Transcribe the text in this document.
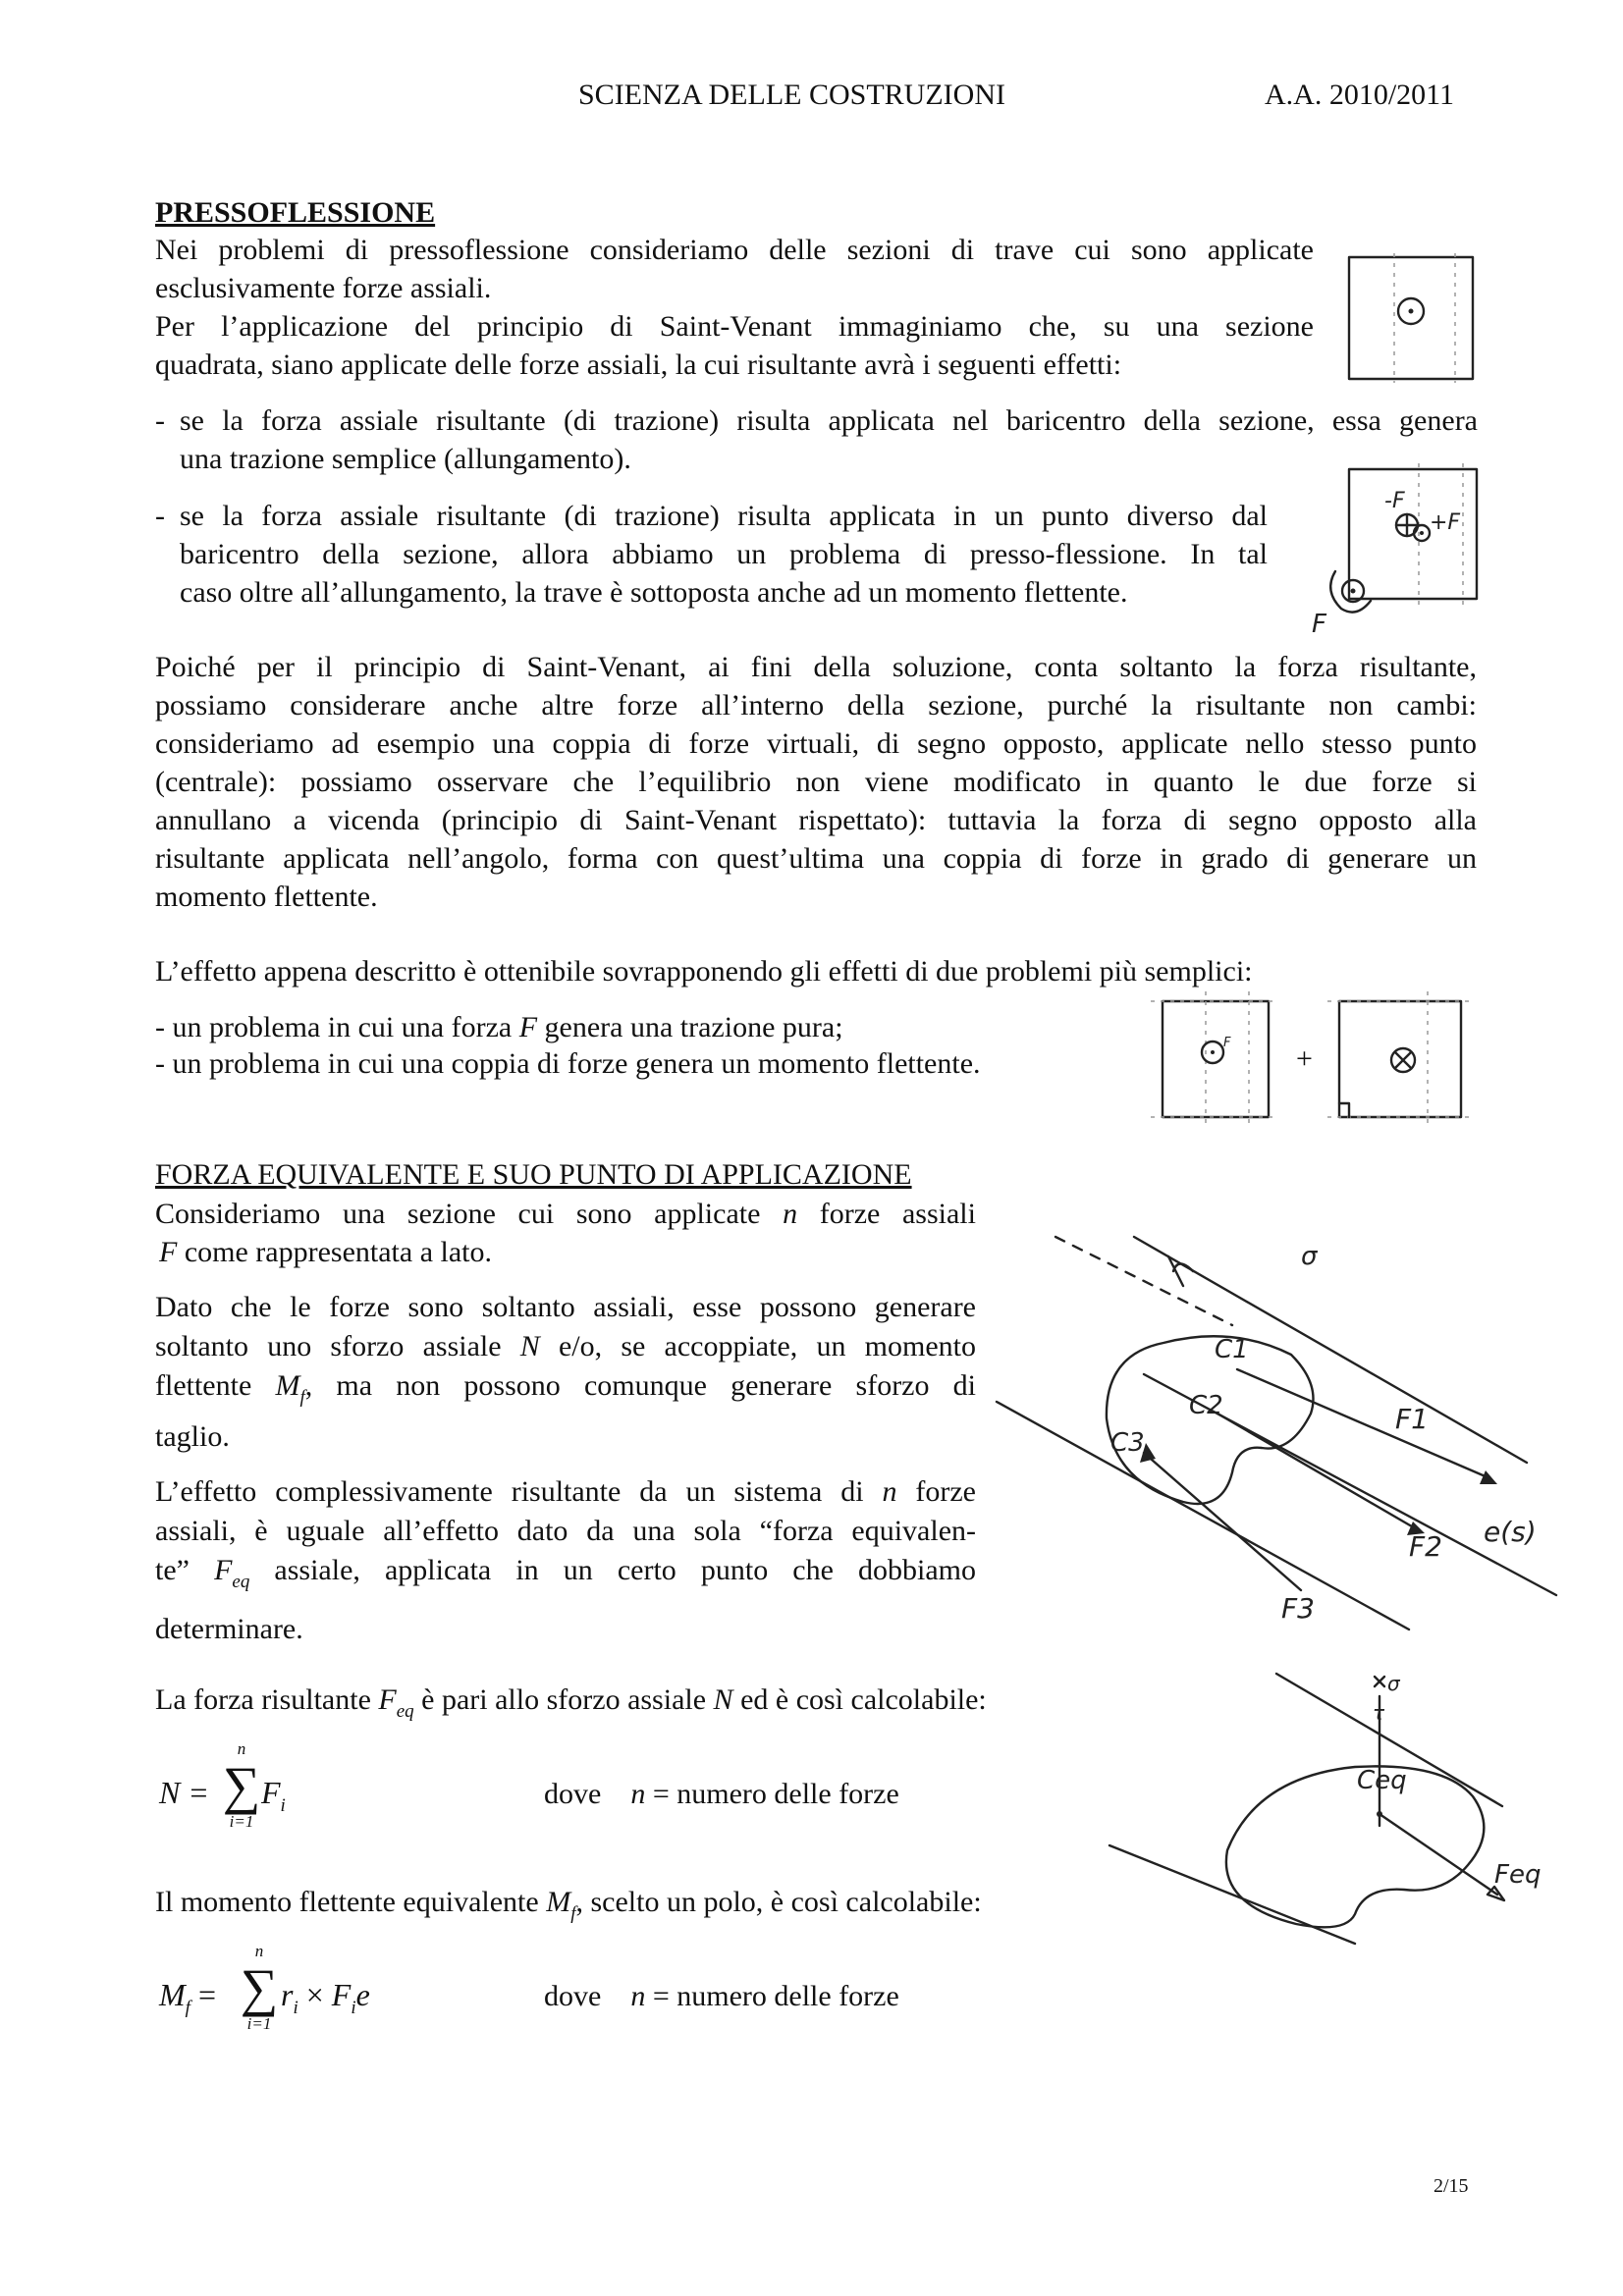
SCIENZA DELLE COSTRUZIONI	A.A. 2010/2011
PRESSOFLESSIONE
Nei problemi di pressoflessione consideriamo delle sezioni di trave cui sono applicate
esclusivamente forze assiali.
Per l’applicazione del principio di Saint-Venant immaginiamo che, su una sezione
quadrata, siano applicate delle forze assiali, la cui risultante avrà i seguenti effetti:
- se la forza assiale risultante (di trazione) risulta applicata nel baricentro della sezione, essa genera
una trazione semplice (allungamento).
- se la forza assiale risultante (di trazione) risulta applicata in un punto diverso dal
baricentro della sezione, allora abbiamo un problema di presso-flessione. In tal
caso oltre all’allungamento, la trave è sottoposta anche ad un momento flettente.
-F
+F
F
Poiché per il principio di Saint-Venant, ai fini della soluzione, conta soltanto la forza risultante,
possiamo considerare anche altre forze all’interno della sezione, purché la risultante non cambi:
consideriamo ad esempio una coppia di forze virtuali, di segno opposto, applicate nello stesso punto
(centrale): possiamo osservare che l’equilibrio non viene modificato in quanto le due forze si
annullano a vicenda (principio di Saint-Venant rispettato): tuttavia la forza di segno opposto alla
risultante applicata nell’angolo, forma con quest’ultima una coppia di forze in grado di generare un
momento flettente.
L’effetto appena descritto è ottenibile sovrapponendo gli effetti di due problemi più semplici:
- un problema in cui una forza F genera una trazione pura;
- un problema in cui una coppia di forze genera un momento flettente.
F +
FORZA EQUIVALENTE E SUO PUNTO DI APPLICAZIONE
Consideriamo una sezione cui sono applicate n forze assiali
F come rappresentata a lato.
Dato che le forze sono soltanto assiali, esse possono generare
soltanto uno sforzo assiale N e/o, se accoppiate, un momento
flettente $M_f$, ma non possono comunque generare sforzo di
taglio.
L’effetto complessivamente risultante da un sistema di n forze
assiali, è uguale all’effetto dato da una sola “forza equivalen-
te” $F_{eq}$ assiale, applicata in un certo punto che dobbiamo
determinare.
C1
C2
C3
F1
F2
F3
e(s)
σ
La forza risultante $F_{eq}$ è pari allo sforzo assiale N ed è così calcolabile:
N =
n
∑
i=1
$F_i$	dove n = numero delle forze
Il momento flettente equivalente $M_f$, scelto un polo, è così calcolabile:
$M_f$ =
n
∑
i=1
$r_i \times F_ie$	dove n = numero delle forze
σ
τ
Ceq
Feq
2/15
